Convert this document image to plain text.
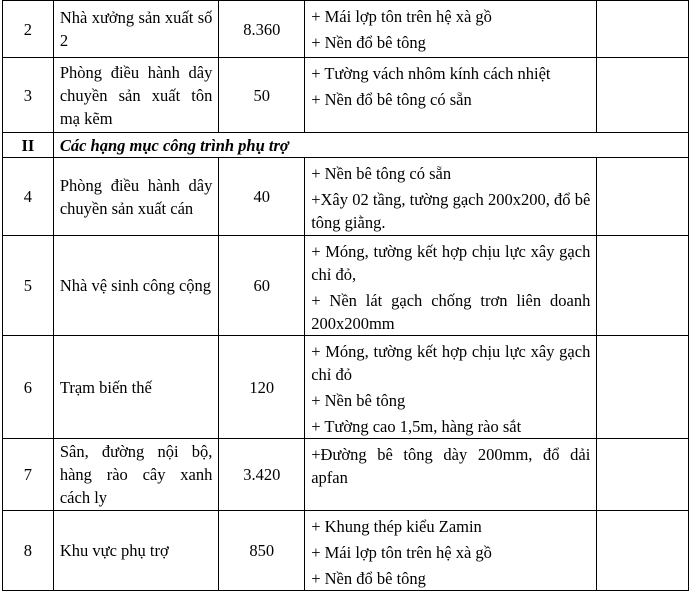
2	Nhà xưởng sản xuất số 2	8.360	+ Mái lợp tôn trên hệ xà gồ

+ Nền đổ bê tông	

3	Phòng điều hành dây chuyền sản xuất tôn mạ kẽm	50	+ Tường vách nhôm kính cách nhiệt

+ Nền đổ bê tông có sẵn	

II	Các hạng mục công trình phụ trợ			
4	Phòng điều hành dây chuyền sản xuất cán	40	+ Nền bê tông có sẵn

+Xây 02 tầng, tường gạch 200x200, đổ bê tông giằng.	

5	Nhà vệ sinh công cộng	60	+ Móng, tường kết hợp chịu lực xây gạch chỉ đỏ,

+ Nền lát gạch chống trơn liên doanh 200x200mm	

6	Trạm biến thế	120	+ Móng, tường kết hợp chịu lực xây gạch chỉ đỏ

+ Nền bê tông

+ Tường cao 1,5m, hàng rào sắt	

7	Sân, đường nội bộ, hàng rào cây xanh cách ly	3.420	+Đường bê tông dày 200mm, đổ dải apfan	

8	Khu vực phụ trợ	850	+ Khung thép kiểu Zamin

+ Mái lợp tôn trên hệ xà gồ

+ Nền đổ bê tông	
